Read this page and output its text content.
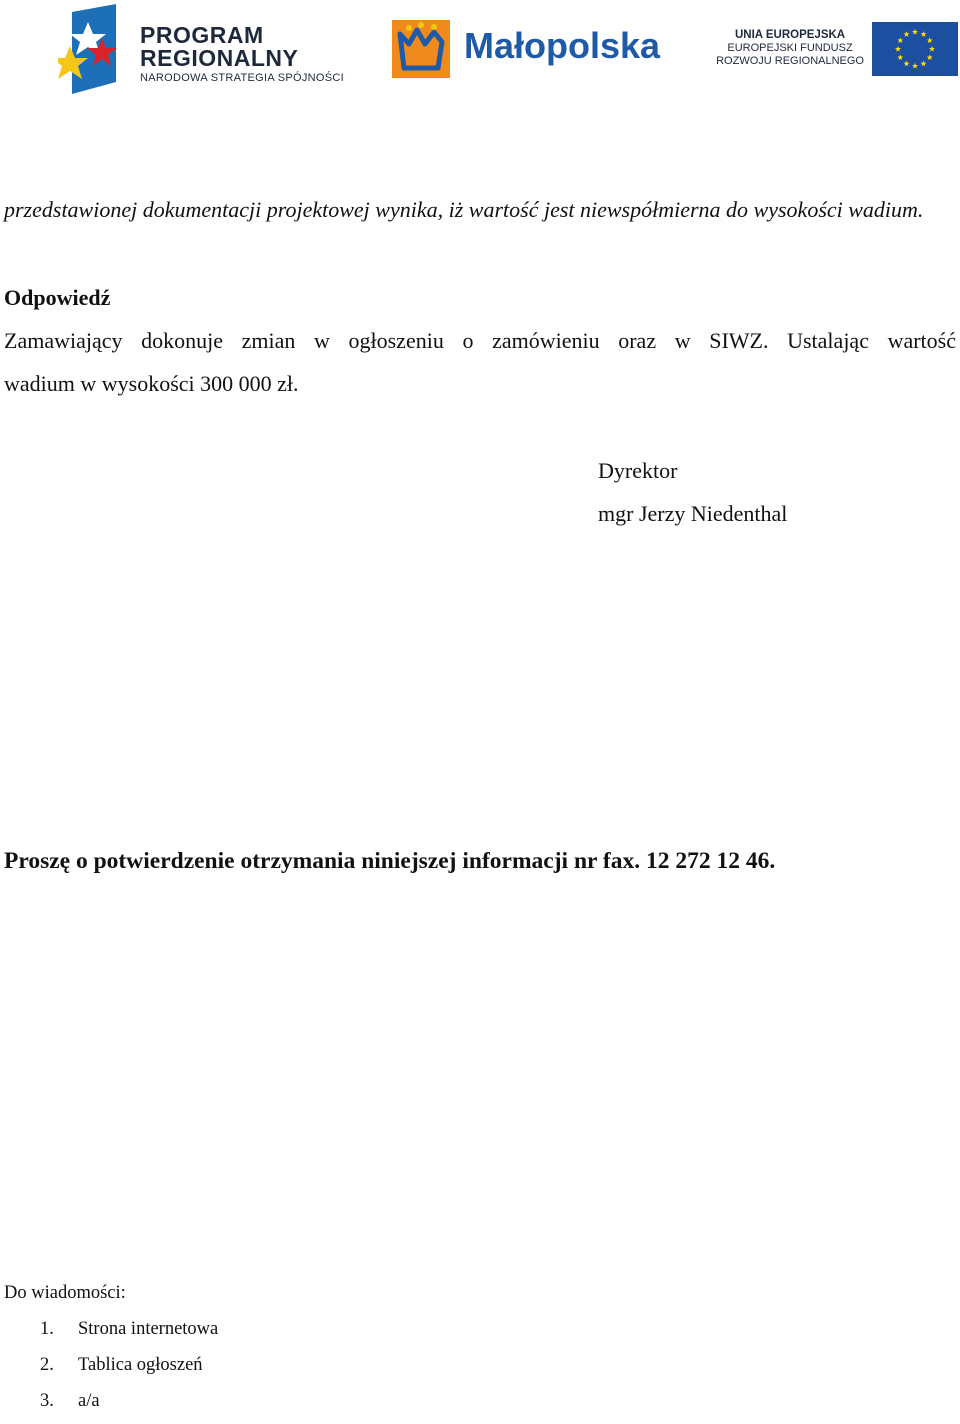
PROGRAM
REGIONALNY
NARODOWA STRATEGIA SPÓJNOŚCI
Małopolska	UNIA EUROPEJSKA
EUROPEJSKI FUNDUSZ
ROZWOJU REGIONALNEGO

przedstawionej dokumentacji projektowej wynika, iż wartość jest niewspółmierna do wysokości wadium.

Odpowiedź
Zamawiający dokonuje zmian w ogłoszeniu o zamówieniu oraz w SIWZ. Ustalając wartość
wadium w wysokości 300 000 zł.
Dyrektor
mgr Jerzy Niedenthal
Proszę o potwierdzenie otrzymania niniejszej informacji nr fax. 12 272 12 46.
Do wiadomości:
1. Strona internetowa
2. Tablica ogłoszeń
3. a/a
